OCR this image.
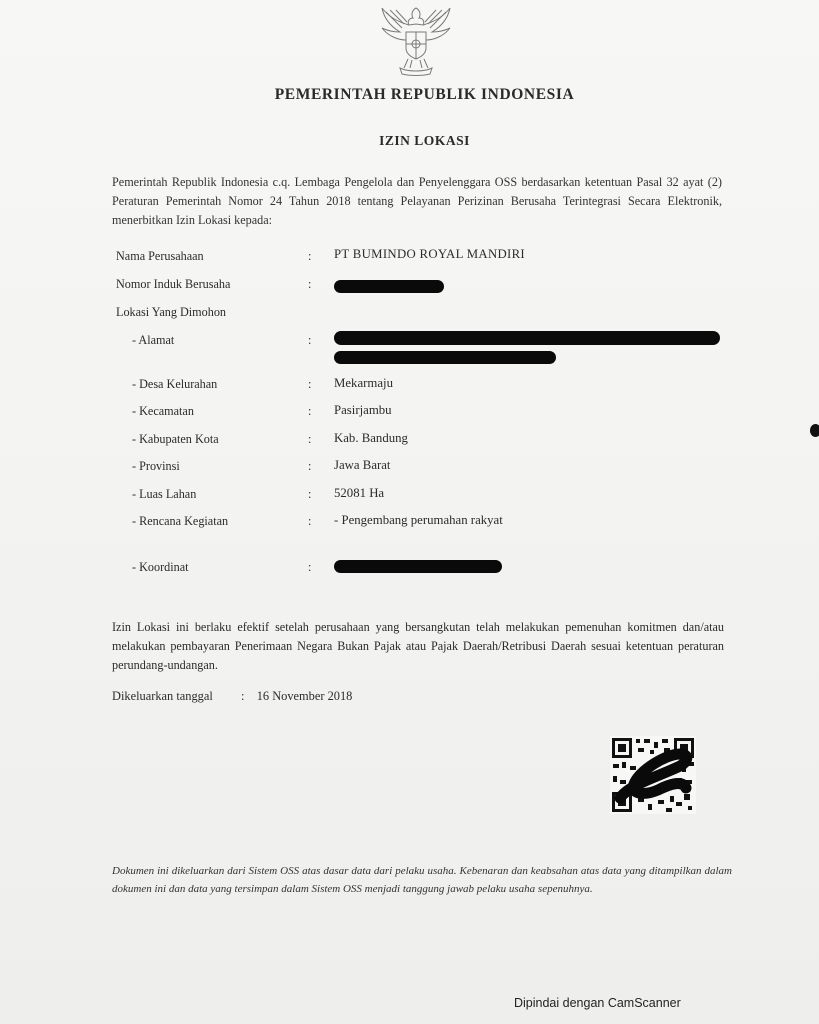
PEMERINTAH REPUBLIK INDONESIA
IZIN LOKASI
Pemerintah Republik Indonesia c.q. Lembaga Pengelola dan Penyelenggara OSS berdasarkan ketentuan Pasal 32 ayat (2) Peraturan Pemerintah Nomor 24 Tahun 2018 tentang Pelayanan Perizinan Berusaha Terintegrasi Secara Elektronik, menerbitkan Izin Lokasi kepada:
Nama Perusahaan	: PT BUMINDO ROYAL MANDIRI
Nomor Induk Berusaha	:
Lokasi Yang Dimohon
- Alamat	:
- Desa Kelurahan	: Mekarmaju
- Kecamatan	: Pasirjambu
- Kabupaten Kota	: Kab. Bandung
- Provinsi	: Jawa Barat
- Luas Lahan	: 52081 Ha
- Rencana Kegiatan	: - Pengembang perumahan rakyat
- Koordinat	:
Izin Lokasi ini berlaku efektif setelah perusahaan yang bersangkutan telah melakukan pemenuhan komitmen dan/atau melakukan pembayaran Penerimaan Negara Bukan Pajak atau Pajak Daerah/Retribusi Daerah sesuai ketentuan peraturan perundang-undangan.
Dikeluarkan tanggal : 16 November 2018
Dokumen ini dikeluarkan dari Sistem OSS atas dasar data dari pelaku usaha. Kebenaran dan keabsahan atas data yang ditampilkan dalam dokumen ini dan data yang tersimpan dalam Sistem OSS menjadi tanggung jawab pelaku usaha sepenuhnya.
Dipindai dengan CamScanner
